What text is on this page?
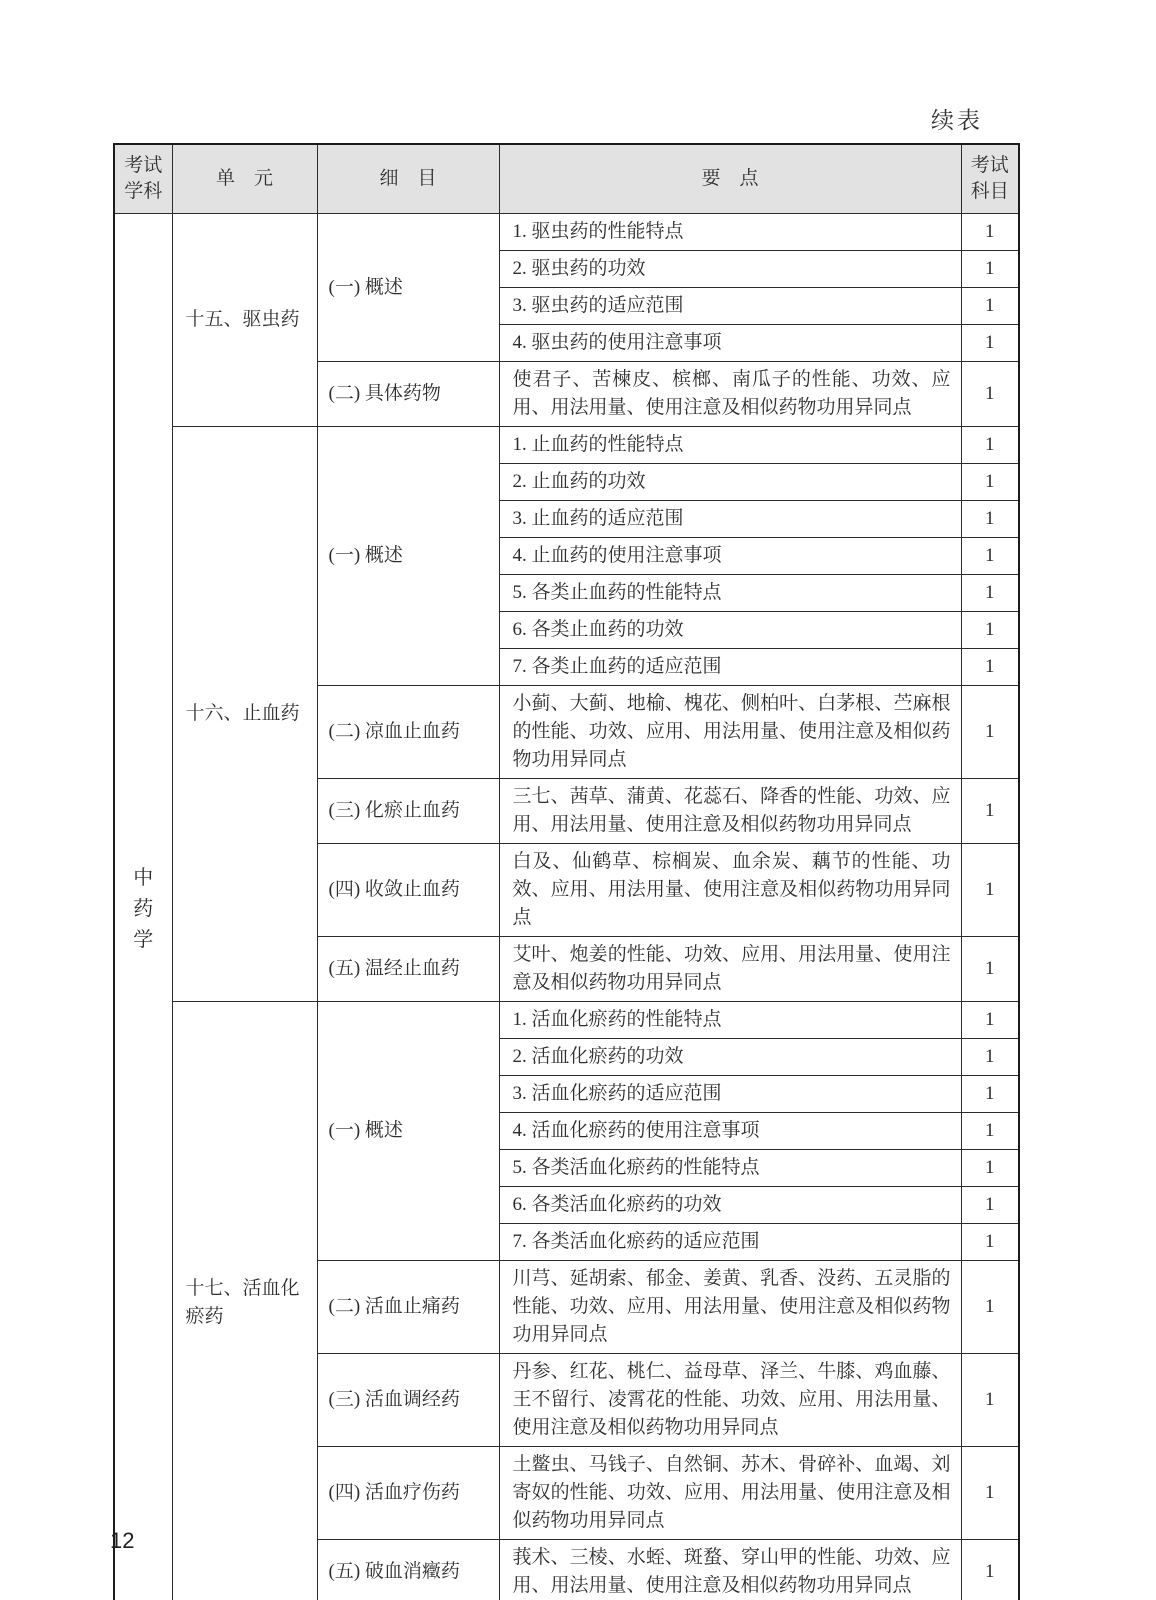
续表
考试学科	单　元	细　目	要　点	考试科目

中药学	十五、驱虫药	(一) 概述	1. 驱虫药的性能特点	1
			2. 驱虫药的功效	1
			3. 驱虫药的适应范围	1
			4. 驱虫药的使用注意事项	1
		(二) 具体药物	使君子、苦楝皮、槟榔、南瓜子的性能、功效、应用、用法用量、使用注意及相似药物功用异同点	1
	十六、止血药	(一) 概述	1. 止血药的性能特点	1
			2. 止血药的功效	1
			3. 止血药的适应范围	1
			4. 止血药的使用注意事项	1
			5. 各类止血药的性能特点	1
			6. 各类止血药的功效	1
			7. 各类止血药的适应范围	1
		(二) 凉血止血药	小蓟、大蓟、地榆、槐花、侧柏叶、白茅根、苎麻根的性能、功效、应用、用法用量、使用注意及相似药物功用异同点	1
		(三) 化瘀止血药	三七、茜草、蒲黄、花蕊石、降香的性能、功效、应用、用法用量、使用注意及相似药物功用异同点	1
		(四) 收敛止血药	白及、仙鹤草、棕榈炭、血余炭、藕节的性能、功效、应用、用法用量、使用注意及相似药物功用异同点	1
		(五) 温经止血药	艾叶、炮姜的性能、功效、应用、用法用量、使用注意及相似药物功用异同点	1
	十七、活血化瘀药	(一) 概述	1. 活血化瘀药的性能特点	1
			2. 活血化瘀药的功效	1
			3. 活血化瘀药的适应范围	1
			4. 活血化瘀药的使用注意事项	1
			5. 各类活血化瘀药的性能特点	1
			6. 各类活血化瘀药的功效	1
			7. 各类活血化瘀药的适应范围	1
		(二) 活血止痛药	川芎、延胡索、郁金、姜黄、乳香、没药、五灵脂的性能、功效、应用、用法用量、使用注意及相似药物功用异同点	1
		(三) 活血调经药	丹参、红花、桃仁、益母草、泽兰、牛膝、鸡血藤、王不留行、凌霄花的性能、功效、应用、用法用量、使用注意及相似药物功用异同点	1
		(四) 活血疗伤药	土鳖虫、马钱子、自然铜、苏木、骨碎补、血竭、刘寄奴的性能、功效、应用、用法用量、使用注意及相似药物功用异同点	1
		(五) 破血消癥药	莪术、三棱、水蛭、斑蝥、穿山甲的性能、功效、应用、用法用量、使用注意及相似药物功用异同点	1
12
